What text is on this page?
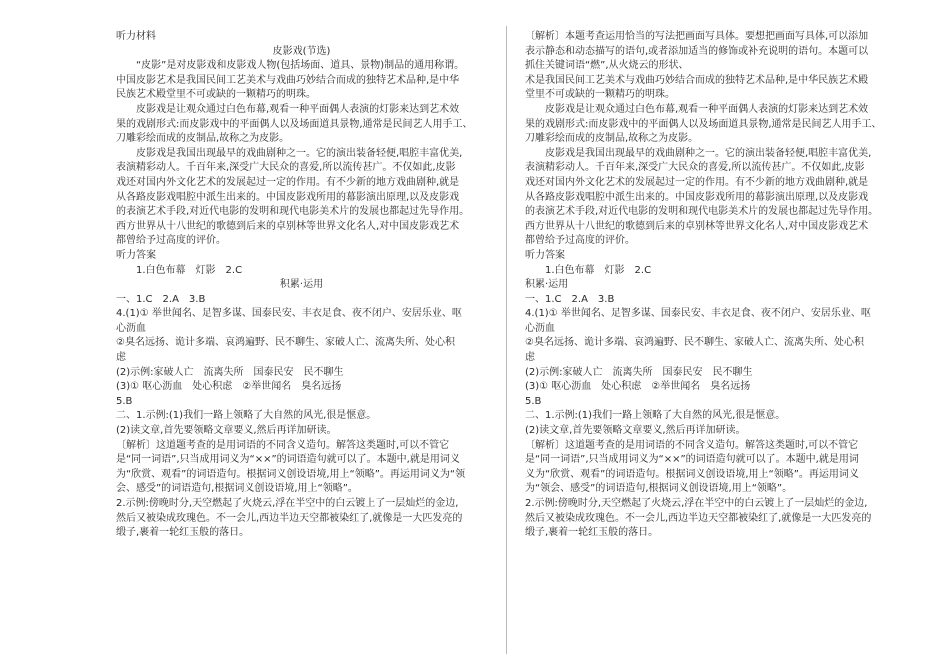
听力材料
皮影戏(节选)
　　“皮影”是对皮影戏和皮影戏人物(包括场面、道具、景物)制品的通用称谓。
中国皮影艺术是我国民间工艺美术与戏曲巧妙结合而成的独特艺术品种,是中华
民族艺术殿堂里不可或缺的一颗精巧的明珠。
　　皮影戏是让观众通过白色布幕,观看一种平面偶人表演的灯影来达到艺术效
果的戏剧形式:而皮影戏中的平面偶人以及场面道具景物,通常是民间艺人用手工、
刀雕彩绘而成的皮制品,故称之为皮影。
　　皮影戏是我国出现最早的戏曲剧种之一。它的演出装备轻便,唱腔丰富优美,
表演精彩动人。千百年来,深受广大民众的喜爱,所以流传甚广。不仅如此,皮影
戏还对国内外文化艺术的发展起过一定的作用。有不少新的地方戏曲剧种,就是
从各路皮影戏唱腔中派生出来的。中国皮影戏所用的幕影演出原理,以及皮影戏
的表演艺术手段,对近代电影的发明和现代电影美术片的发展也都起过先导作用。
西方世界从十八世纪的歌德到后来的卓别林等世界文化名人,对中国皮影戏艺术
都曾给予过高度的评价。
听力答案
　　1.白色布幕　灯影　2.C
积累·运用
一、1.C　2.A　3.B
4.(1)① 举世闻名、足智多谋、国泰民安、丰衣足食、夜不闭户、安居乐业、呕
心沥血
②臭名远扬、诡计多端、哀鸿遍野、民不聊生、家破人亡、流离失所、处心积
虑
(2)示例:家破人亡　流离失所　国泰民安　民不聊生
(3)① 呕心沥血　处心积虑　②举世闻名　臭名远扬
5.B
二、1.示例:(1)我们一路上领略了大自然的风光,很是惬意。
(2)读文章,首先要领略文章要义,然后再详加研读。
〔解析〕这道题考查的是用词语的不同含义造句。解答这类题时,可以不管它
是“同一词语”,只当成用词义为“××”的词语造句就可以了。本题中,就是用词义
为“欣赏、观看”的词语造句。根据词义创设语境,用上“领略”。再运用词义为“领
会、感受”的词语造句,根据词义创设语境,用上“领略”。
2.示例:傍晚时分,天空燃起了火烧云,浮在半空中的白云镀上了一层灿烂的金边,
然后又被染成玫瑰色。不一会儿,西边半边天空都被染红了,就像是一大匹发亮的
缎子,裹着一轮红玉般的落日。
〔解析〕本题考查运用恰当的写法把画面写具体。要想把画面写具体,可以添加
表示静态和动态描写的语句,或者添加适当的修饰或补充说明的语句。本题可以
抓住关键词语“燃”,从火烧云的形状、
术是我国民间工艺美术与戏曲巧妙结合而成的独特艺术品种,是中华民族艺术殿
堂里不可或缺的一颗精巧的明珠。
　　皮影戏是让观众通过白色布幕,观看一种平面偶人表演的灯影来达到艺术效
果的戏剧形式:而皮影戏中的平面偶人以及场面道具景物,通常是民间艺人用手工、
刀雕彩绘而成的皮制品,故称之为皮影。
　　皮影戏是我国出现最早的戏曲剧种之一。它的演出装备轻便,唱腔丰富优美,
表演精彩动人。千百年来,深受广大民众的喜爱,所以流传甚广。不仅如此,皮影
戏还对国内外文化艺术的发展起过一定的作用。有不少新的地方戏曲剧种,就是
从各路皮影戏唱腔中派生出来的。中国皮影戏所用的幕影演出原理,以及皮影戏
的表演艺术手段,对近代电影的发明和现代电影美术片的发展也都起过先导作用。
西方世界从十八世纪的歌德到后来的卓别林等世界文化名人,对中国皮影戏艺术
都曾给予过高度的评价。
听力答案
　　1.白色布幕　灯影　2.C
积累·运用
一、1.C　2.A　3.B
4.(1)① 举世闻名、足智多谋、国泰民安、丰衣足食、夜不闭户、安居乐业、呕
心沥血
②臭名远扬、诡计多端、哀鸿遍野、民不聊生、家破人亡、流离失所、处心积
虑
(2)示例:家破人亡　流离失所　国泰民安　民不聊生
(3)① 呕心沥血　处心积虑　②举世闻名　臭名远扬
5.B
二、1.示例:(1)我们一路上领略了大自然的风光,很是惬意。
(2)读文章,首先要领略文章要义,然后再详加研读。
〔解析〕这道题考查的是用词语的不同含义造句。解答这类题时,可以不管它
是“同一词语”,只当成用词义为“××”的词语造句就可以了。本题中,就是用词
义为“欣赏、观看”的词语造句。根据词义创设语境,用上“领略”。再运用词义
为“领会、感受”的词语造句,根据词义创设语境,用上“领略”。
2.示例:傍晚时分,天空燃起了火烧云,浮在半空中的白云镀上了一层灿烂的金边,
然后又被染成玫瑰色。不一会儿,西边半边天空都被染红了,就像是一大匹发亮的
缎子,裹着一轮红玉般的落日。
